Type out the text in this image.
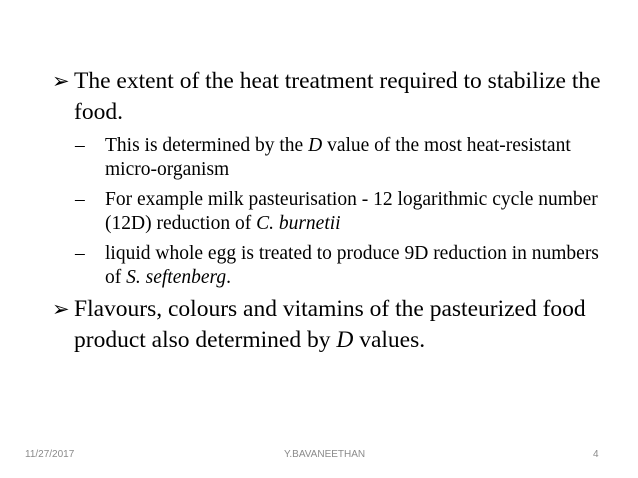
➢ The extent of the heat treatment required to stabilize the food.
– This is determined by the D value of the most heat-resistant micro-organism
– For example milk pasteurisation - 12 logarithmic cycle number (12D) reduction of C. burnetii
– liquid whole egg is treated to produce 9D reduction in numbers of S. seftenberg.
➢ Flavours, colours and vitamins of the pasteurized food product also determined by D values.
11/27/2017	Y.BAVANEETHAN	4
